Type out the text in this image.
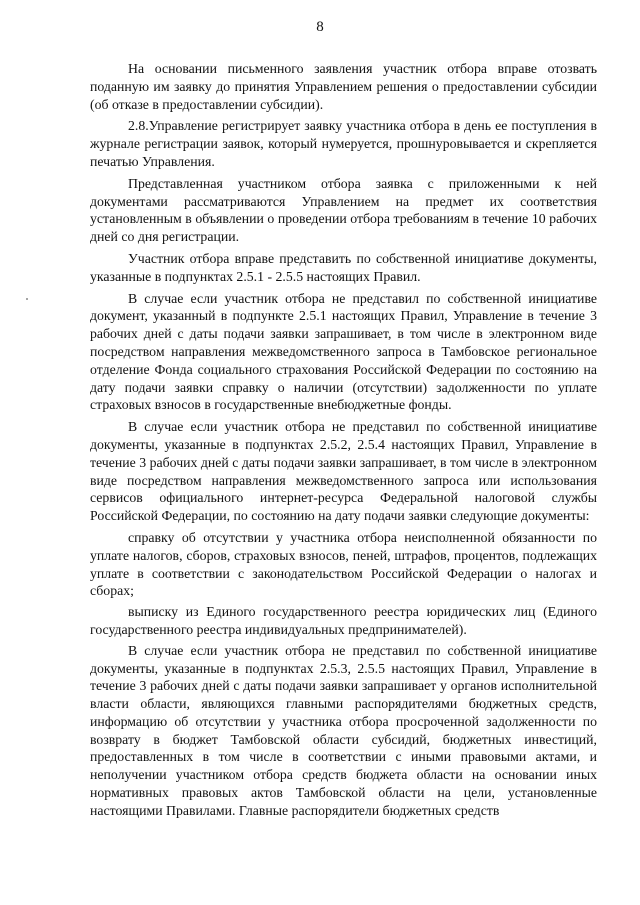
8

На основании письменного заявления участник отбора вправе отозвать поданную им заявку до принятия Управлением решения о предоставлении субсидии (об отказе в предоставлении субсидии).

2.8.Управление регистрирует заявку участника отбора в день ее поступления в журнале регистрации заявок, который нумеруется, прошнуровывается и скрепляется печатью Управления.

Представленная участником отбора заявка с приложенными к ней документами рассматриваются Управлением на предмет их соответствия установленным в объявлении о проведении отбора требованиям в течение 10 рабочих дней со дня регистрации.

Участник отбора вправе представить по собственной инициативе документы, указанные в подпунктах 2.5.1 - 2.5.5 настоящих Правил.

В случае если участник отбора не представил по собственной инициативе документ, указанный в подпункте 2.5.1 настоящих Правил, Управление в течение 3 рабочих дней с даты подачи заявки запрашивает, в том числе в электронном виде посредством направления межведомственного запроса в Тамбовское региональное отделение Фонда социального страхования Российской Федерации по состоянию на дату подачи заявки справку о наличии (отсутствии) задолженности по уплате страховых взносов в государственные внебюджетные фонды.

В случае если участник отбора не представил по собственной инициативе документы, указанные в подпунктах 2.5.2, 2.5.4 настоящих Правил, Управление в течение 3 рабочих дней с даты подачи заявки запрашивает, в том числе в электронном виде посредством направления межведомственного запроса или использования сервисов официального интернет-ресурса Федеральной налоговой службы Российской Федерации, по состоянию на дату подачи заявки следующие документы:

справку об отсутствии у участника отбора неисполненной обязанности по уплате налогов, сборов, страховых взносов, пеней, штрафов, процентов, подлежащих уплате в соответствии с законодательством Российской Федерации о налогах и сборах;

выписку из Единого государственного реестра юридических лиц (Единого государственного реестра индивидуальных предпринимателей).

В случае если участник отбора не представил по собственной инициативе документы, указанные в подпунктах 2.5.3, 2.5.5 настоящих Правил, Управление в течение 3 рабочих дней с даты подачи заявки запрашивает у органов исполнительной власти области, являющихся главными распорядителями бюджетных средств, информацию об отсутствии у участника отбора просроченной задолженности по возврату в бюджет Тамбовской области субсидий, бюджетных инвестиций, предоставленных в том числе в соответствии с иными правовыми актами, и неполучении участником отбора средств бюджета области на основании иных нормативных правовых актов Тамбовской области на цели, установленные настоящими Правилами. Главные распорядители бюджетных средств
